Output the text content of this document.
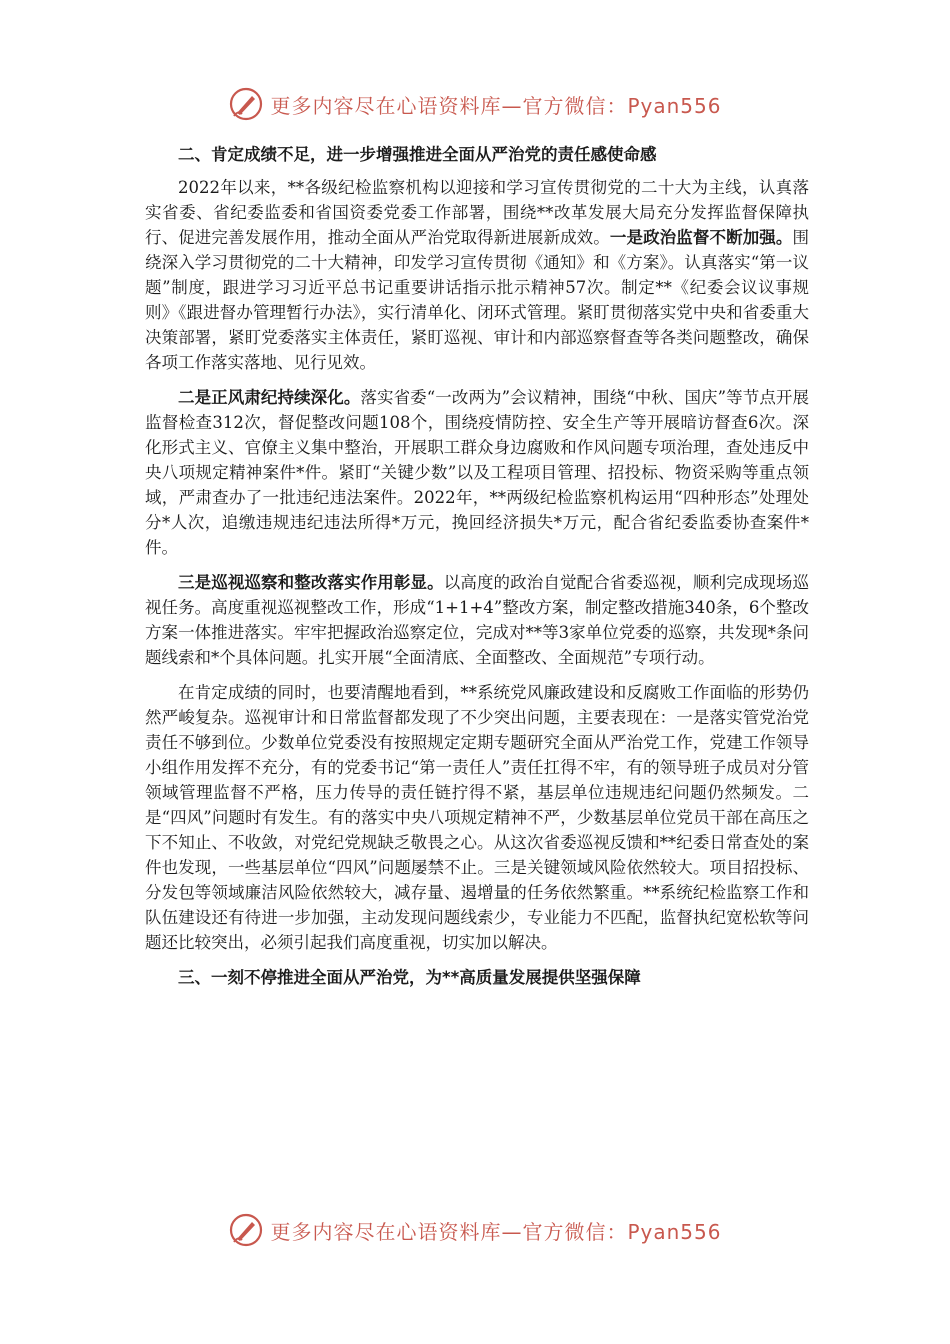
更多内容尽在心语资料库—官方微信：Pyan556
二、肯定成绩不足，进一步增强推进全面从严治党的责任感使命感

2022年以来，**各级纪检监察机构以迎接和学习宣传贯彻党的二十大为主线，认真落实省委、省纪委监委和省国资委党委工作部署，围绕**改革发展大局充分发挥监督保障执行、促进完善发展作用，推动全面从严治党取得新进展新成效。一是政治监督不断加强。围绕深入学习贯彻党的二十大精神，印发学习宣传贯彻《通知》和《方案》。认真落实“第一议题”制度，跟进学习习近平总书记重要讲话指示批示精神57次。制定**《纪委会议议事规则》《跟进督办管理暂行办法》，实行清单化、闭环式管理。紧盯贯彻落实党中央和省委重大决策部署，紧盯党委落实主体责任，紧盯巡视、审计和内部巡察督查等各类问题整改，确保各项工作落实落地、见行见效。

二是正风肃纪持续深化。落实省委“一改两为”会议精神，围绕“中秋、国庆”等节点开展监督检查312次，督促整改问题108个，围绕疫情防控、安全生产等开展暗访督查6次。深化形式主义、官僚主义集中整治，开展职工群众身边腐败和作风问题专项治理，查处违反中央八项规定精神案件*件。紧盯“关键少数”以及工程项目管理、招投标、物资采购等重点领域，严肃查办了一批违纪违法案件。2022年，**两级纪检监察机构运用“四种形态”处理处分*人次，追缴违规违纪违法所得*万元，挽回经济损失*万元，配合省纪委监委协查案件*件。

三是巡视巡察和整改落实作用彰显。以高度的政治自觉配合省委巡视，顺利完成现场巡视任务。高度重视巡视整改工作，形成“1+1+4”整改方案，制定整改措施340条，6个整改方案一体推进落实。牢牢把握政治巡察定位，完成对**等3家单位党委的巡察，共发现*条问题线索和*个具体问题。扎实开展“全面清底、全面整改、全面规范”专项行动。

在肯定成绩的同时，也要清醒地看到，**系统党风廉政建设和反腐败工作面临的形势仍然严峻复杂。巡视审计和日常监督都发现了不少突出问题，主要表现在：一是落实管党治党责任不够到位。少数单位党委没有按照规定定期专题研究全面从严治党工作，党建工作领导小组作用发挥不充分，有的党委书记“第一责任人”责任扛得不牢，有的领导班子成员对分管领域管理监督不严格，压力传导的责任链拧得不紧，基层单位违规违纪问题仍然频发。二是“四风”问题时有发生。有的落实中央八项规定精神不严，少数基层单位党员干部在高压之下不知止、不收敛，对党纪党规缺乏敬畏之心。从这次省委巡视反馈和**纪委日常查处的案件也发现，一些基层单位“四风”问题屡禁不止。三是关键领域风险依然较大。项目招投标、分发包等领域廉洁风险依然较大，减存量、遏增量的任务依然繁重。**系统纪检监察工作和队伍建设还有待进一步加强，主动发现问题线索少，专业能力不匹配，监督执纪宽松软等问题还比较突出，必须引起我们高度重视，切实加以解决。

三、一刻不停推进全面从严治党，为**高质量发展提供坚强保障
更多内容尽在心语资料库—官方微信：Pyan556
